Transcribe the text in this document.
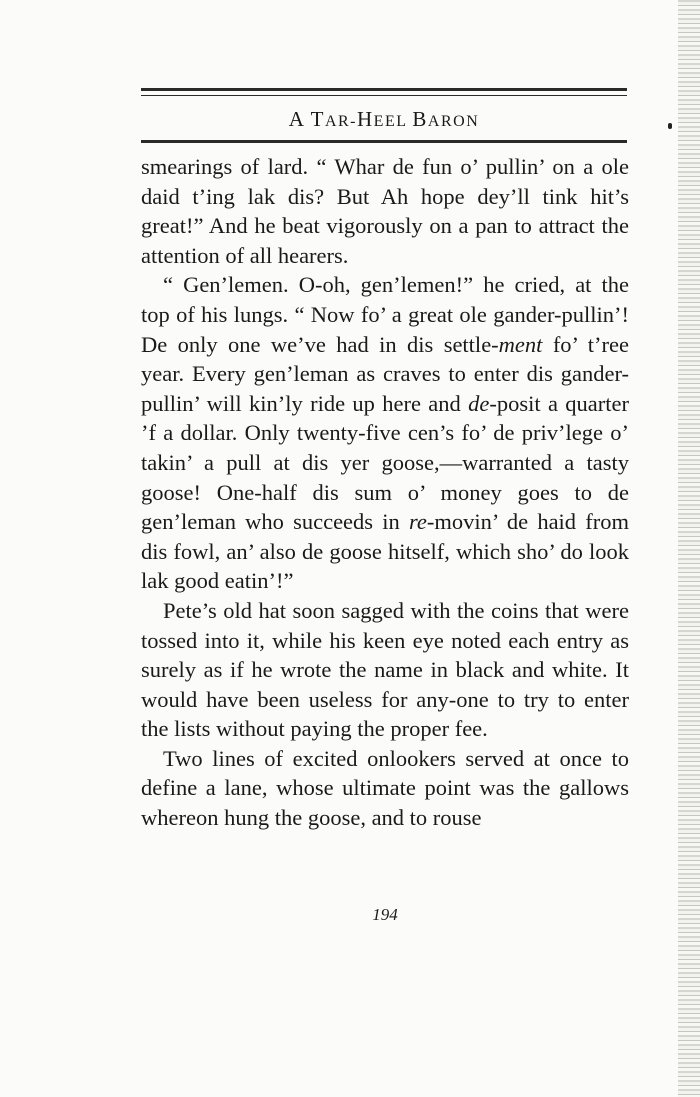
A TAR-HEEL BARON

smearings of lard. “ Whar de fun o’ pullin’ on a ole daid t’ing lak dis? But Ah hope dey’ll tink hit’s great!” And he beat vigorously on a pan to attract the attention of all hearers.

“ Gen’lemen. O-oh, gen’lemen!” he cried, at the top of his lungs. “ Now fo’ a great ole gander-pullin’! De only one we’ve had in dis settle-ment fo’ t’ree year. Every gen’leman as craves to enter dis gander-pullin’ will kin’ly ride up here and de-posit a quarter ’f a dollar. Only twenty-five cen’s fo’ de priv’lege o’ takin’ a pull at dis yer goose,—warranted a tasty goose! One-half dis sum o’ money goes to de gen’leman who succeeds in re-movin’ de haid from dis fowl, an’ also de goose hitself, which sho’ do look lak good eatin’!”

Pete’s old hat soon sagged with the coins that were tossed into it, while his keen eye noted each entry as surely as if he wrote the name in black and white. It would have been useless for any-one to try to enter the lists without paying the proper fee.

Two lines of excited onlookers served at once to define a lane, whose ultimate point was the gallows whereon hung the goose, and to rouse

194
